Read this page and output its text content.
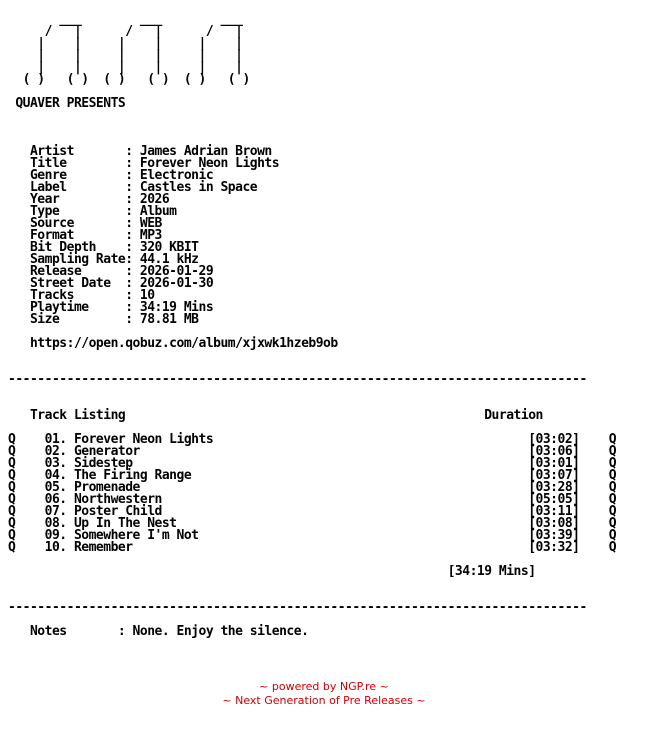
___        ___        ___
/   |      /   |      /   |
|    |     |    |     |    |
|    |     |    |     |    |
|    |     |    |     |    |
( )   ( )  ( )   ( )  ( )   ( )

QUAVER PRESENTS

Artist       : James Adrian Brown
Title        : Forever Neon Lights
Genre        : Electronic
Label        : Castles in Space
Year         : 2026
Type         : Album
Source       : WEB
Format       : MP3
Bit Depth    : 320 KBIT
Sampling Rate: 44.1 kHz
Release      : 2026-01-29
Street Date  : 2026-01-30
Tracks       : 10
Playtime     : 34:19 Mins
Size         : 78.81 MB

https://open.qobuz.com/album/xjxwk1hzeb9ob

-------------------------------------------------------------------------------

Track Listing                                                 Duration

Q    01. Forever Neon Lights                                           [03:02]    Q
Q    02. Generator                                                     [03:06]    Q
Q    03. Sidestep                                                      [03:01]    Q
Q    04. The Firing Range                                              [03:07]    Q
Q    05. Promenade                                                     [03:28]    Q
Q    06. Northwestern                                                  [05:05]    Q
Q    07. Poster Child                                                  [03:11]    Q
Q    08. Up In The Nest                                                [03:08]    Q
Q    09. Somewhere I'm Not                                             [03:39]    Q
Q    10. Remember                                                      [03:32]    Q

[34:19 Mins]

-------------------------------------------------------------------------------

Notes       : None. Enjoy the silence.
~ powered by NGP.re ~
~ Next Generation of Pre Releases ~
